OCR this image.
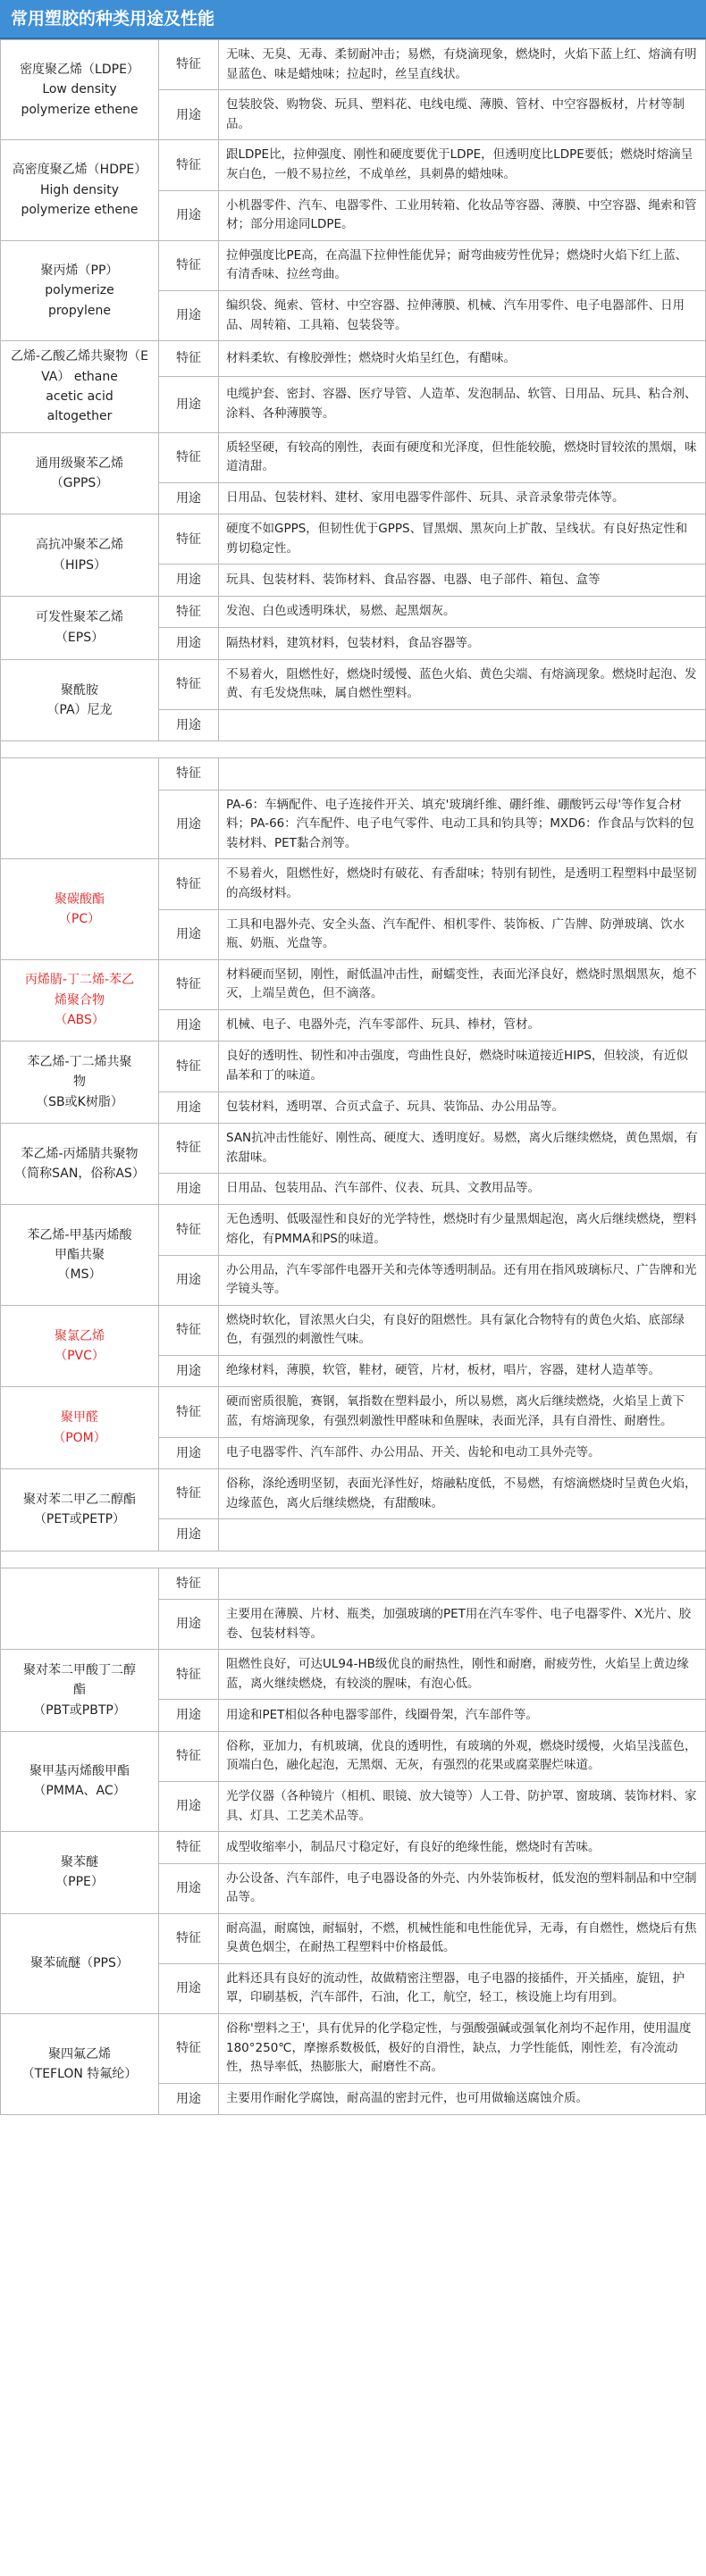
常用塑胶的种类用途及性能
密度聚乙烯（LDPE）
Low density
polymerize ethene	特征	无味、无臭、无毒、柔韧耐冲击；易燃，有烧滴现象，燃烧时，火焰下蓝上红、熔滴有明显蓝色、味是蜡烛味；拉起时，丝呈直线状。
	用途	包装胶袋、购物袋、玩具、塑料花、电线电缆、薄膜、管材、中空容器板材，片材等制品。

高密度聚乙烯（HDPE）
High density
polymerize ethene	特征	跟LDPE比，拉伸强度、刚性和硬度要优于LDPE，但透明度比LDPE要低；燃烧时熔滴呈灰白色，一般不易拉丝，不成单丝，具刺鼻的蜡烛味。
	用途	小机器零件、汽车、电器零件、工业用转箱、化妆品等容器、薄膜、中空容器、绳索和管材；部分用途同LDPE。

聚丙烯（PP）
polymerize
propylene	特征	拉伸强度比PE高，在高温下拉伸性能优异；耐弯曲疲劳性优异；燃烧时火焰下红上蓝、有清香味、拉丝弯曲。
	用途	编织袋、绳索、管材、中空容器、拉伸薄膜、机械、汽车用零件、电子电器部件、日用品、周转箱、工具箱、包装袋等。

乙烯-乙酸乙烯共聚物（EVA） ethane
acetic acid
altogether	特征	材料柔软、有橡胶弹性；燃烧时火焰呈红色，有醋味。
	用途	电缆护套、密封、容器、医疗导管、人造革、发泡制品、软管、日用品、玩具、粘合剂、涂料、各种薄膜等。

通用级聚苯乙烯
（GPPS）	特征	质轻坚硬，有较高的刚性，表面有硬度和光泽度，但性能较脆，燃烧时冒较浓的黑烟，味道清甜。
	用途	日用品、包装材料、建材、家用电器零件部件、玩具、录音录象带壳体等。

高抗冲聚苯乙烯
（HIPS）	特征	硬度不如GPPS，但韧性优于GPPS、冒黑烟、黑灰向上扩散、呈线状。有良好热定性和剪切稳定性。
	用途	玩具、包装材料、装饰材料、食品容器、电器、电子部件、箱包、盒等

可发性聚苯乙烯
（EPS）	特征	发泡、白色或透明珠状，易燃、起黑烟灰。
	用途	隔热材料，建筑材料，包装材料，食品容器等。

聚酰胺
（PA）尼龙	特征	不易着火，阻燃性好，燃烧时缓慢、蓝色火焰、黄色尖端、有熔滴现象。燃烧时起泡、发黄、有毛发烧焦味，属自燃性塑料。
	用途	

	特征	
	用途	PA-6：车辆配件、电子连接件开关、填充'玻璃纤维、硼纤维、硼酸钙云母'等作复合材料；PA-66：汽车配件、电子电气零件、电动工具和钧具等；MXD6：作食品与饮料的包装材料、PET黏合剂等。

聚碳酸酯
（PC）	特征	不易着火，阻燃性好，燃烧时有破花、有香甜味；特别有韧性，是透明工程塑料中最坚韧的高级材料。
	用途	工具和电器外壳、安全头盔、汽车配件、相机零件、装饰板、广告牌、防弹玻璃、饮水瓶、奶瓶、光盘等。

丙烯腈-丁二烯-苯乙
烯聚合物
（ABS）	特征	材料硬而坚韧，刚性，耐低温冲击性，耐蠕变性，表面光泽良好，燃烧时黑烟黑灰，熄不灭，上端呈黄色，但不滴落。
	用途	机械、电子、电器外壳，汽车零部件、玩具、棒材，管材。

苯乙烯-丁二烯共聚
物
（SB或K树脂）	特征	良好的透明性、韧性和冲击强度，弯曲性良好，燃烧时味道接近HIPS，但较淡，有近似晶苯和丁的味道。
	用途	包装材料，透明罩、合页式盒子、玩具、装饰品、办公用品等。

苯乙烯-丙烯腈共聚物
（简称SAN，俗称AS）	特征	SAN抗冲击性能好、刚性高、硬度大、透明度好。易燃，离火后继续燃烧，黄色黑烟，有浓甜味。
	用途	日用品、包装用品、汽车部件、仪表、玩具、文教用品等。

苯乙烯-甲基丙烯酸
甲酯共聚
（MS）	特征	无色透明、低吸湿性和良好的光学特性，燃烧时有少量黑烟起泡，离火后继续燃烧，塑料熔化，有PMMA和PS的味道。
	用途	办公用品，汽车零部件电器开关和壳体等透明制品。还有用在指风玻璃标尺、广告牌和光学镜头等。

聚氯乙烯
（PVC）	特征	燃烧时软化，冒浓黑火白尖，有良好的阻燃性。具有氯化合物特有的黄色火焰、底部绿色，有强烈的刺激性气味。
	用途	绝缘材料，薄膜，软管，鞋材，硬管，片材，板材，唱片，容器，建材人造革等。

聚甲醛
（POM）	特征	硬而密质很脆，赛钢，氧指数在塑料最小，所以易燃，离火后继续燃烧，火焰呈上黄下蓝，有熔滴现象，有强烈刺激性甲醛味和鱼腥味，表面光泽，具有自滑性、耐磨性。
	用途	电子电器零件、汽车部件、办公用品、开关、齿轮和电动工具外壳等。

聚对苯二甲乙二醇酯
（PET或PETP）	特征	俗称，涤纶透明坚韧，表面光泽性好，熔融粘度低，不易燃，有熔滴燃烧时呈黄色火焰，边缘蓝色，离火后继续燃烧，有甜酸味。
	用途	

	特征	
	用途	主要用在薄膜、片材、瓶类，加强玻璃的PET用在汽车零件、电子电器零件、X光片、胶卷、包装材料等。

聚对苯二甲酸丁二醇
酯
（PBT或PBTP）	特征	阻燃性良好，可达UL94-HB级优良的耐热性，刚性和耐磨，耐疲劳性，火焰呈上黄边缘蓝，离火继续燃烧，有较淡的腥味，有泡心低。
	用途	用途和PET相似各种电器零部件，线圈骨架，汽车部件等。

聚甲基丙烯酸甲酯
（PMMA、AC）	特征	俗称，亚加力，有机玻璃，优良的透明性，有玻璃的外观，燃烧时缓慢，火焰呈浅蓝色，顶端白色，融化起泡，无黑烟、无灰，有强烈的花果或腐菜腥烂味道。
	用途	光学仪器（各种镜片（相机、眼镜、放大镜等）人工骨、防护罩、窗玻璃、装饰材料、家具、灯具、工艺美术品等。

聚苯醚
（PPE）	特征	成型收缩率小，制品尺寸稳定好，有良好的绝缘性能，燃烧时有苦味。
	用途	办公设备、汽车部件，电子电器设备的外壳、内外装饰板材，低发泡的塑料制品和中空制品等。

聚苯硫醚（PPS）	特征	耐高温，耐腐蚀，耐辐射，不燃，机械性能和电性能优异，无毒，有自燃性，燃烧后有焦臭黄色烟尘，在耐热工程塑料中价格最低。
	用途	此料还具有良好的流动性，故做精密注塑器，电子电器的接插件，开关插座，旋钮，护罩，印刷基板，汽车部件，石油，化工，航空，轻工，核设施上均有用到。

聚四氟乙烯
（TEFLON 特氟纶）	特征	俗称'塑料之王'，具有优异的化学稳定性，与强酸强碱或强氧化剂均不起作用，使用温度180°250℃，摩擦系数极低，极好的自滑性，缺点，力学性能低，刚性差，有冷流动性，热导率低，热膨胀大，耐磨性不高。
	用途	主要用作耐化学腐蚀，耐高温的密封元件，也可用做输送腐蚀介质。
